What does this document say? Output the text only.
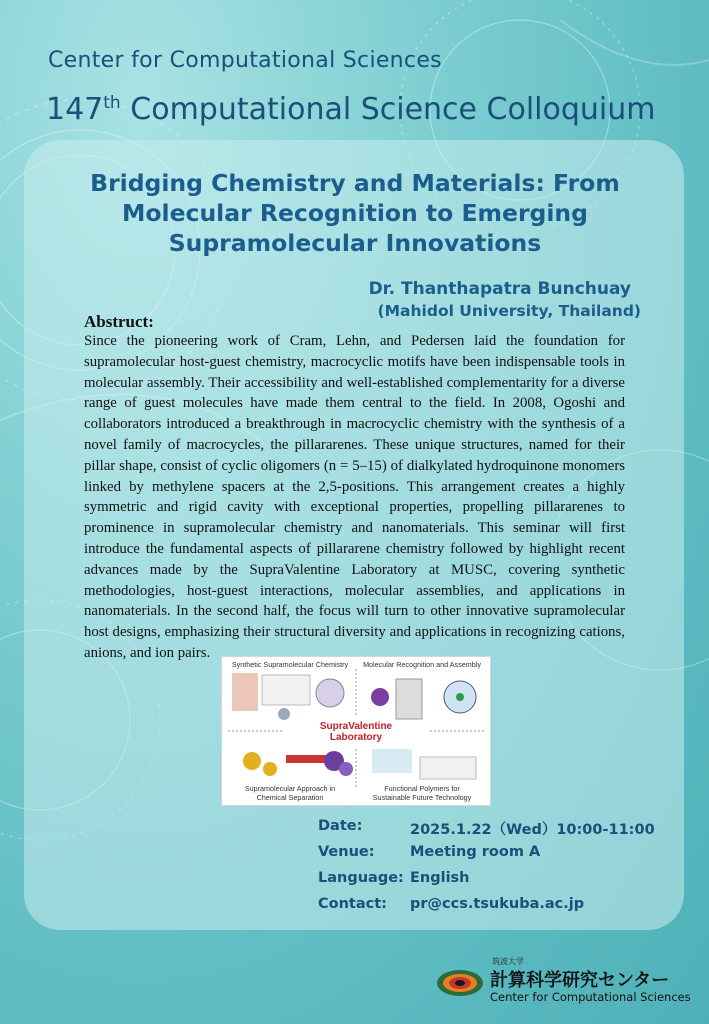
Center for Computational Sciences
147th Computational Science Colloquium
Bridging Chemistry and Materials: From
Molecular Recognition to Emerging
Supramolecular Innovations
Dr. Thanthapatra Bunchuay
(Mahidol University, Thailand)
Abstruct:
Since the pioneering work of Cram, Lehn, and Pedersen laid the foundation for supramolecular host-guest chemistry, macrocyclic motifs have been indispensable tools in molecular assembly. Their accessibility and well-established complementarity for a diverse range of guest molecules have made them central to the field. In 2008, Ogoshi and collaborators introduced a breakthrough in macrocyclic chemistry with the synthesis of a novel family of macrocycles, the pillararenes. These unique structures, named for their pillar shape, consist of cyclic oligomers (n = 5–15) of dialkylated hydroquinone monomers linked by methylene spacers at the 2,5-positions. This arrangement creates a highly symmetric and rigid cavity with exceptional properties, propelling pillararenes to prominence in supramolecular chemistry and nanomaterials. This seminar will first introduce the fundamental aspects of pillararene chemistry followed by highlight recent advances made by the SupraValentine Laboratory at MUSC, covering synthetic methodologies, host-guest interactions, molecular assemblies, and applications in nanomaterials. In the second half, the focus will turn to other innovative supramolecular host designs, emphasizing their structural diversity and applications in recognizing cations, anions, and ion pairs.
Synthetic Supramolecular Chemistry	Molecular Recognition and Assembly
SupraValentine
Laboratory
Supramolecular Approach in
Chemical Separation
Functional Polymers for
Sustainable Future Technology
Date:	2025.1.22（Wed）10:00-11:00
Venue: Meeting room A
Language: English
Contact: pr@ccs.tsukuba.ac.jp
筑波大学
計算科学研究センター
Center for Computational Sciences
